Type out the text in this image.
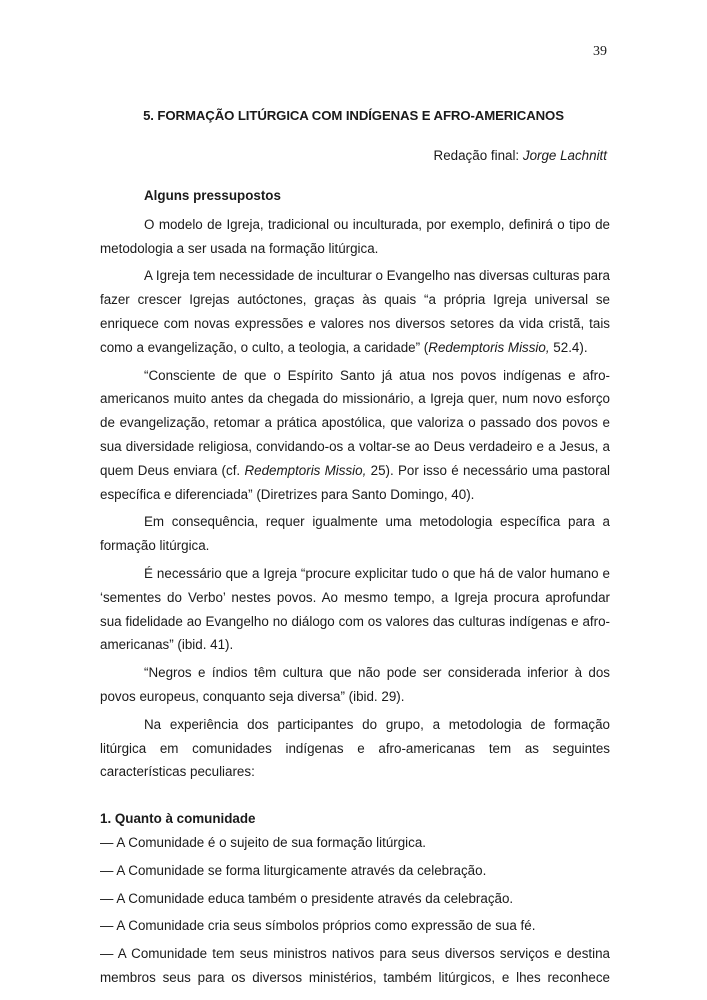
39
5. FORMAÇÃO LITÚRGICA COM INDÍGENAS E AFRO-AMERICANOS
Redação final: Jorge Lachnitt

Alguns pressupostos

O modelo de Igreja, tradicional ou inculturada, por exemplo, definirá o tipo de metodologia a ser usada na formação litúrgica.

A Igreja tem necessidade de inculturar o Evangelho nas diversas culturas para fazer crescer Igrejas autóctones, graças às quais “a própria Igreja universal se enriquece com novas expressões e valores nos diversos setores da vida cristã, tais como a evangelização, o culto, a teologia, a caridade” (Redemptoris Missio, 52.4).

“Consciente de que o Espírito Santo já atua nos povos indígenas e afro-americanos muito antes da chegada do missionário, a Igreja quer, num novo esforço de evangelização, retomar a prática apostólica, que valoriza o passado dos povos e sua diversidade religiosa, convidando-os a voltar-se ao Deus verdadeiro e a Jesus, a quem Deus enviara (cf. Redemptoris Missio, 25). Por isso é necessário uma pastoral específica e diferenciada” (Diretrizes para Santo Domingo, 40).

Em consequência, requer igualmente uma metodologia específica para a formação litúrgica.

É necessário que a Igreja “procure explicitar tudo o que há de valor humano e ‘sementes do Verbo’ nestes povos. Ao mesmo tempo, a Igreja procura aprofundar sua fidelidade ao Evangelho no diálogo com os valores das culturas indígenas e afro-americanas” (ibid. 41).

“Negros e índios têm cultura que não pode ser considerada inferior à dos povos europeus, conquanto seja diversa” (ibid. 29).

Na experiência dos participantes do grupo, a metodologia de formação litúrgica em comunidades indígenas e afro-americanas tem as seguintes características peculiares:

1. Quanto à comunidade

— A Comunidade é o sujeito de sua formação litúrgica.

— A Comunidade se forma liturgicamente através da celebração.

— A Comunidade educa também o presidente através da celebração.

— A Comunidade cria seus símbolos próprios como expressão de sua fé.

— A Comunidade tem seus ministros nativos para seus diversos serviços e destina membros seus para os diversos ministérios, também litúrgicos, e lhes reconhece
